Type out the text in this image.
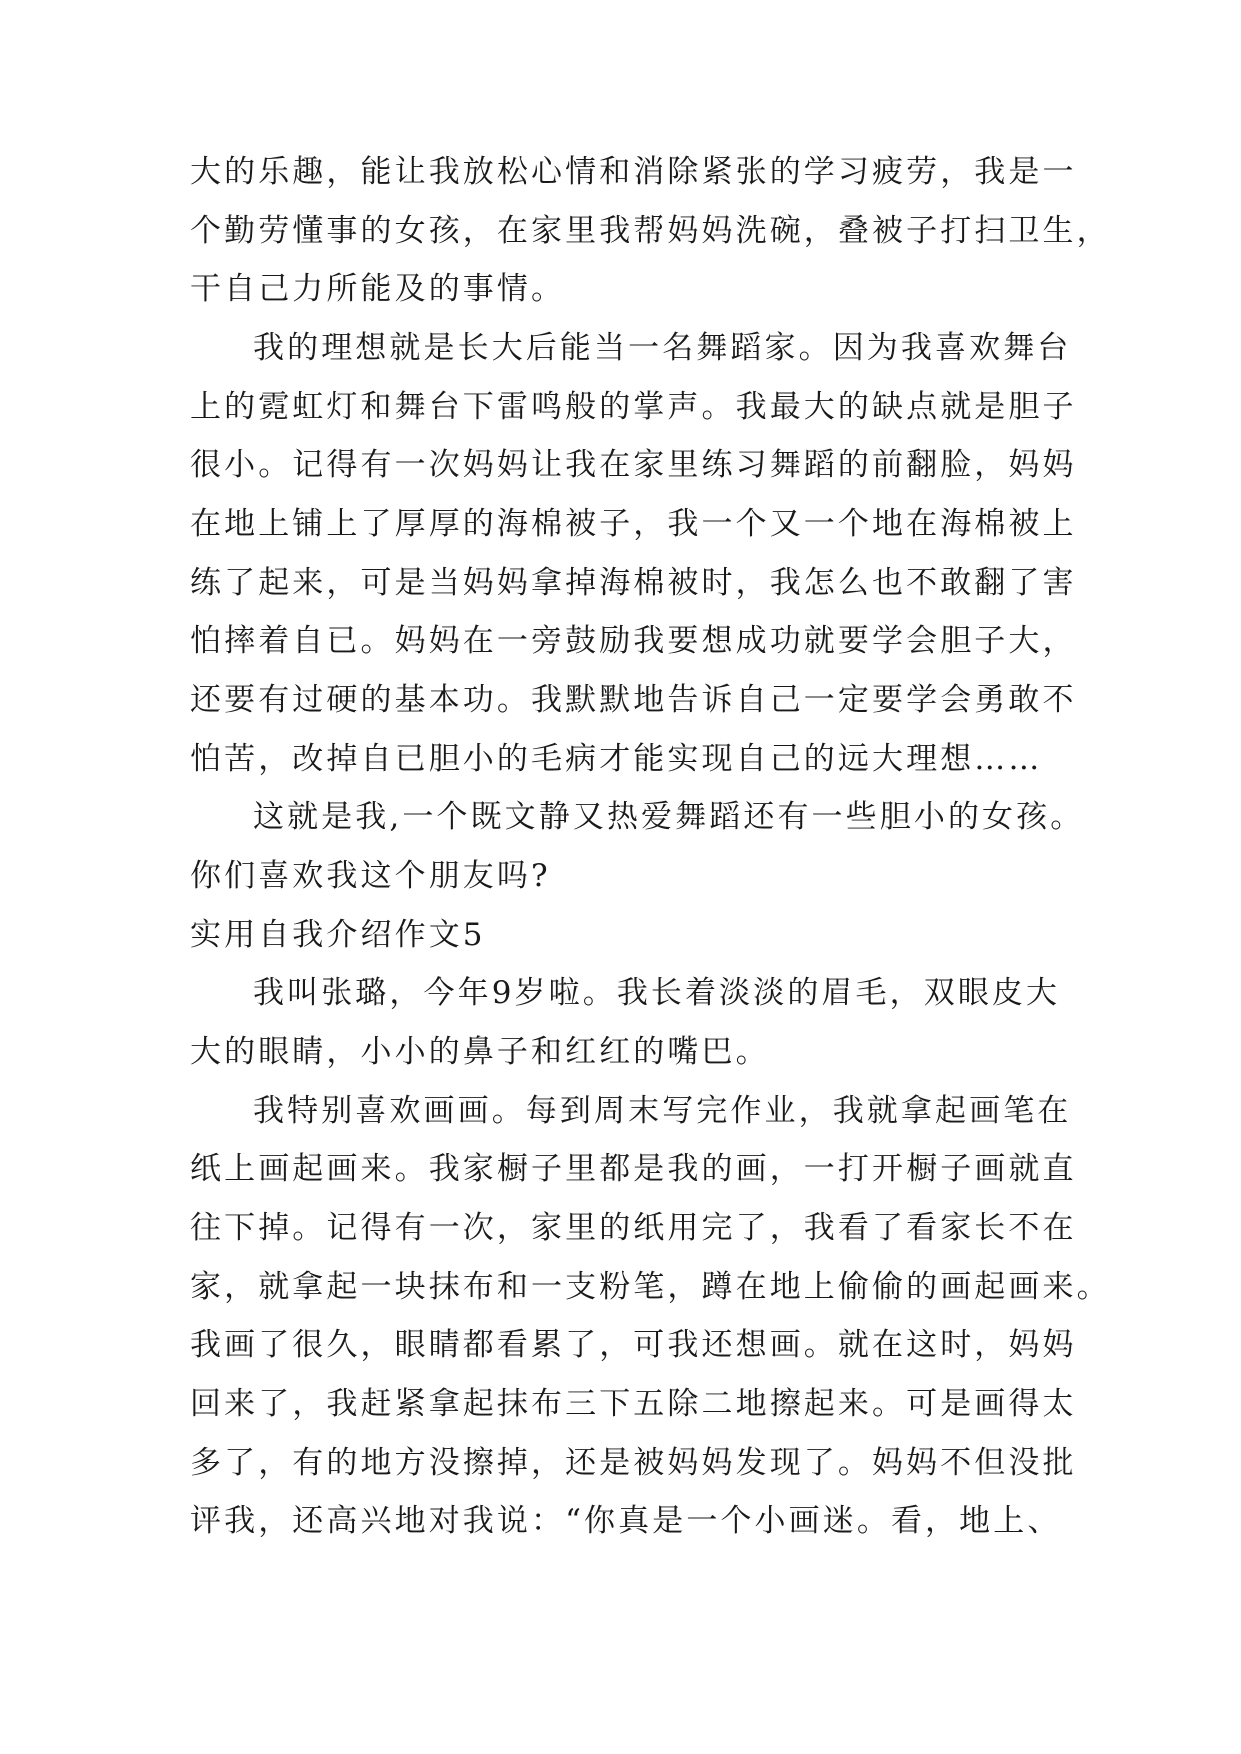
大的乐趣，能让我放松心情和消除紧张的学习疲劳，我是一
个勤劳懂事的女孩，在家里我帮妈妈洗碗，叠被子打扫卫生，
干自己力所能及的事情。
我的理想就是长大后能当一名舞蹈家。因为我喜欢舞台
上的霓虹灯和舞台下雷鸣般的掌声。我最大的缺点就是胆子
很小。记得有一次妈妈让我在家里练习舞蹈的前翻脸，妈妈
在地上铺上了厚厚的海棉被子，我一个又一个地在海棉被上
练了起来，可是当妈妈拿掉海棉被时，我怎么也不敢翻了害
怕摔着自已。妈妈在一旁鼓励我要想成功就要学会胆子大，
还要有过硬的基本功。我默默地告诉自己一定要学会勇敢不
怕苦，改掉自已胆小的毛病才能实现自己的远大理想……
这就是我,一个既文静又热爱舞蹈还有一些胆小的女孩。
你们喜欢我这个朋友吗?
实用自我介绍作文5
我叫张璐，今年9岁啦。我长着淡淡的眉毛，双眼皮大
大的眼睛，小小的鼻子和红红的嘴巴。
我特别喜欢画画。每到周末写完作业，我就拿起画笔在
纸上画起画来。我家橱子里都是我的画，一打开橱子画就直
往下掉。记得有一次，家里的纸用完了，我看了看家长不在
家，就拿起一块抹布和一支粉笔，蹲在地上偷偷的画起画来。
我画了很久，眼睛都看累了，可我还想画。就在这时，妈妈
回来了，我赶紧拿起抹布三下五除二地擦起来。可是画得太
多了，有的地方没擦掉，还是被妈妈发现了。妈妈不但没批
评我，还高兴地对我说：“你真是一个小画迷。看，地上、
